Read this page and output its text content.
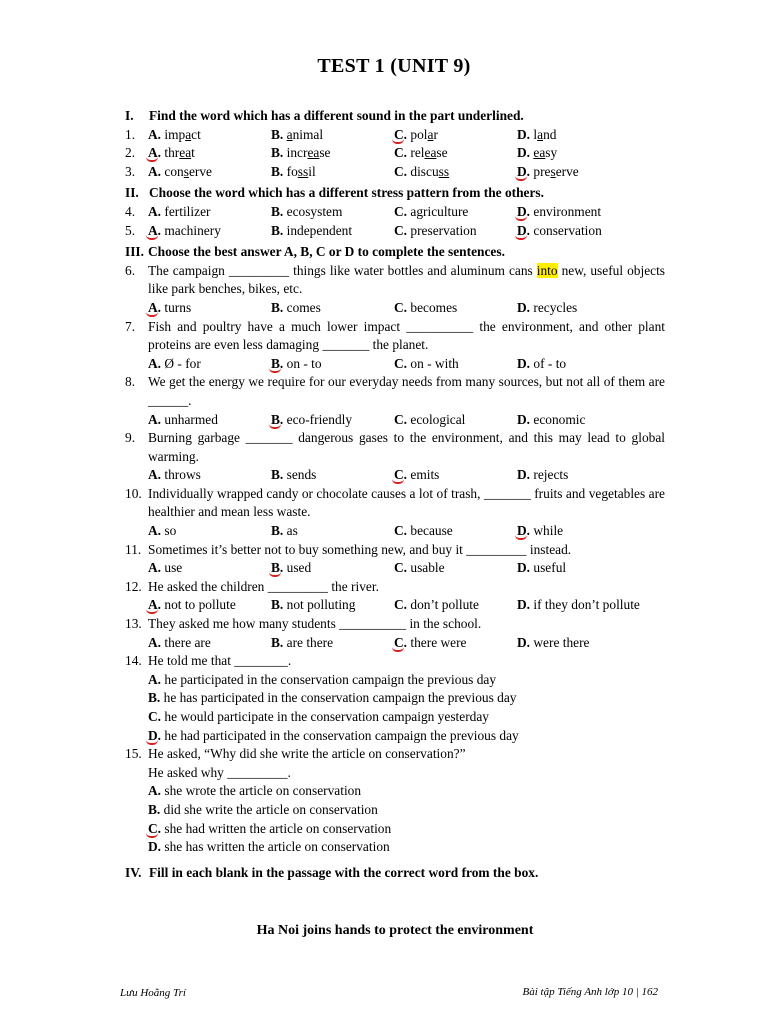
TEST 1 (UNIT 9)
I.	Find the word which has a different sound in the part underlined.
1. A. impact	B. animal	C. polar	D. land
2. A. threat	B. increase	C. release	D. easy
3. A. conserve	B. fossil	C. discuss	D. preserve
II. Choose the word which has a different stress pattern from the others.
4. A. fertilizer	B. ecosystem	C. agriculture	D. environment
5. A. machinery	B. independent	C. preservation	D. conservation
III. Choose the best answer A, B, C or D to complete the sentences.
6. The campaign _________ things like water bottles and aluminum cans into new, useful objects like park benches, bikes, etc.
A. turns	B. comes	C. becomes	D. recycles
7. Fish and poultry have a much lower impact __________ the environment, and other plant proteins are even less damaging _______ the planet.
A. Ø - for	B. on - to	C. on - with	D. of - to
8. We get the energy we require for our everyday needs from many sources, but not all of them are ______.
A. unharmed	B. eco-friendly	C. ecological	D. economic
9. Burning garbage _______ dangerous gases to the environment, and this may lead to global warming.
A. throws	B. sends	C. emits	D. rejects
10. Individually wrapped candy or chocolate causes a lot of trash, _______ fruits and vegetables are healthier and mean less waste.
A. so	B. as	C. because	D. while
11. Sometimes it’s better not to buy something new, and buy it _________ instead.
A. use	B. used	C. usable	D. useful
12. He asked the children _________ the river.
A. not to pollute	B. not polluting	C. don’t pollute	D. if they don’t pollute
13. They asked me how many students __________ in the school.
A. there are	B. are there	C. there were	D. were there
14. He told me that ________.
A. he participated in the conservation campaign the previous day
B. he has participated in the conservation campaign the previous day
C. he would participate in the conservation campaign yesterday
D. he had participated in the conservation campaign the previous day
15. He asked, “Why did she write the article on conservation?”
He asked why _________.
A. she wrote the article on conservation
B. did she write the article on conservation
C. she had written the article on conservation
D. she has written the article on conservation
IV. Fill in each blank in the passage with the correct word from the box.
Ha Noi joins hands to protect the environment
Lưu Hoằng Trí	Bài tập Tiếng Anh lớp 10 | 162
